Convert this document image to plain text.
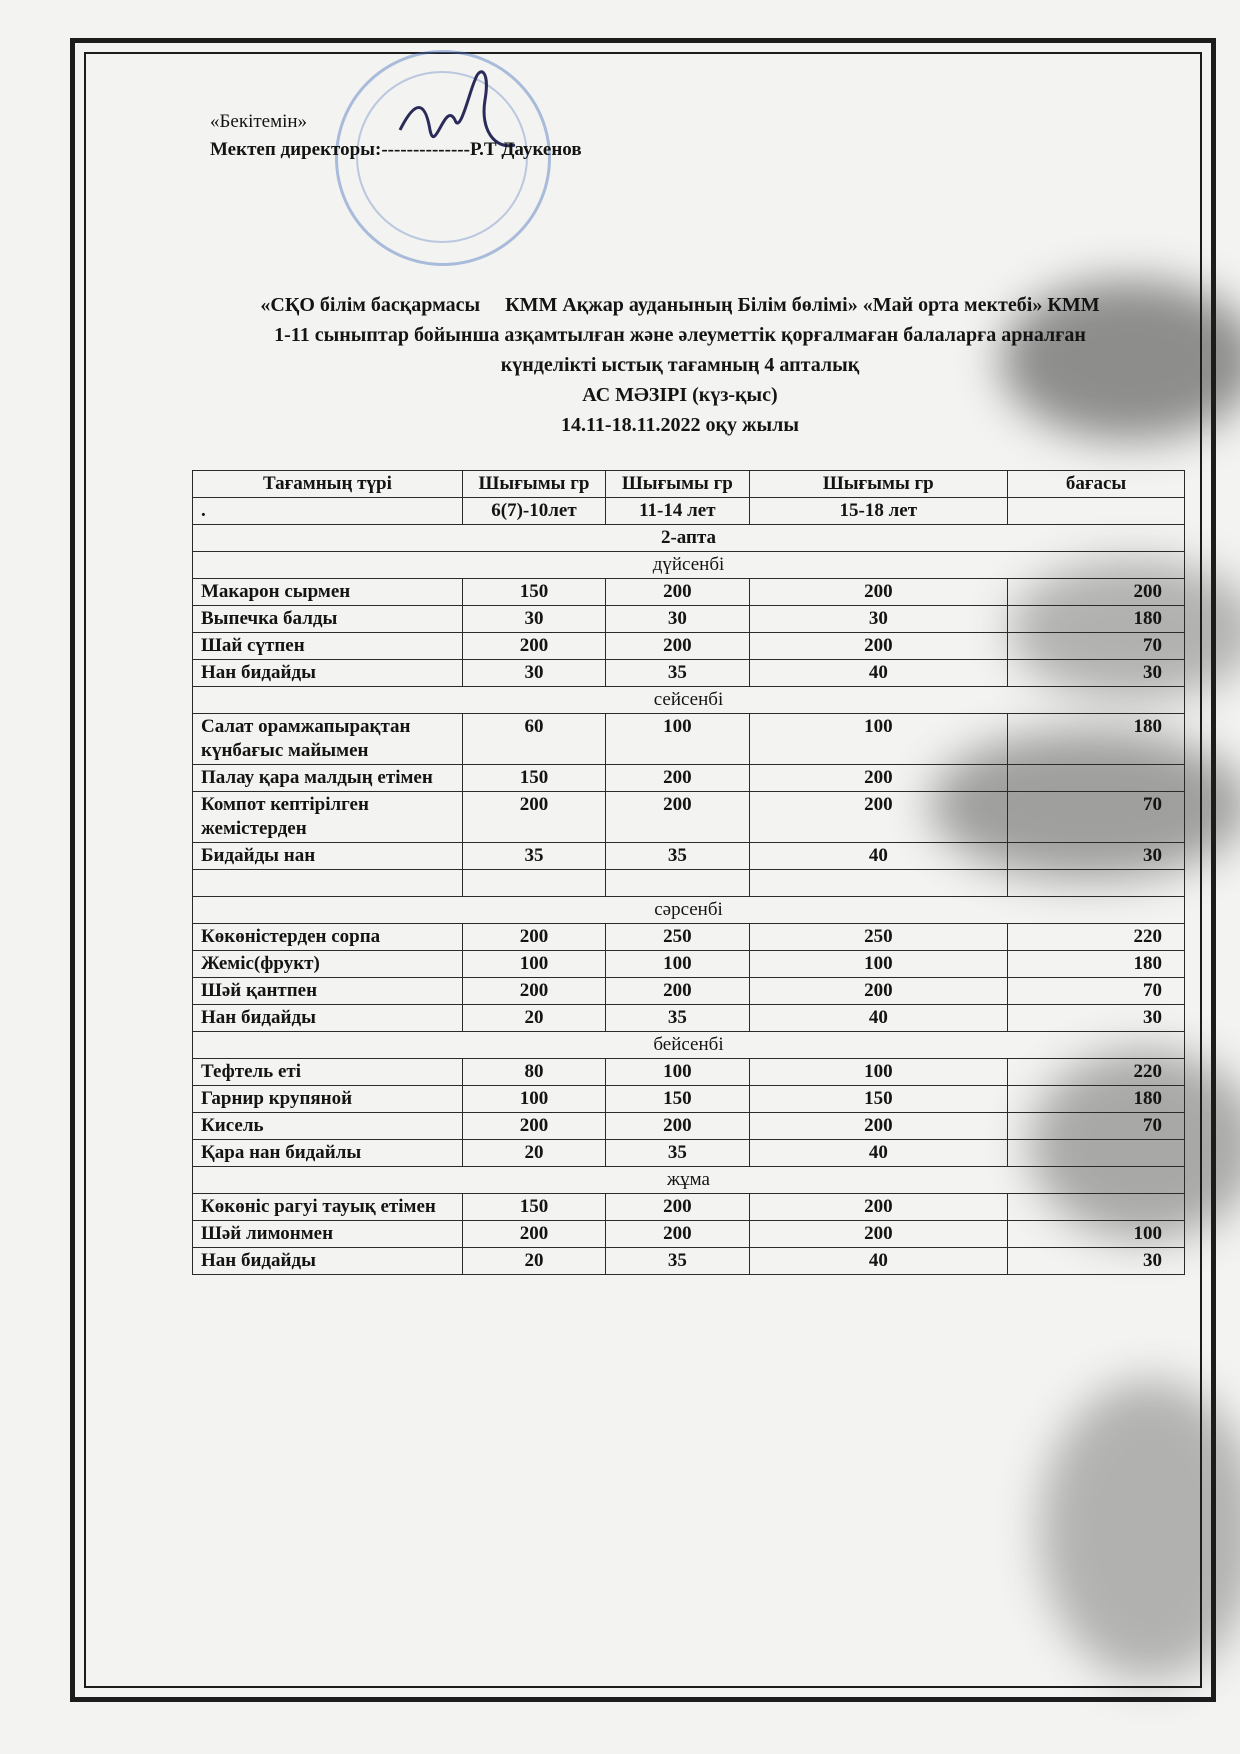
«Бекітемін»
Мектеп директоры:--------------Р.Т Даукенов
«СҚО білім басқармасы     КММ Ақжар ауданының Білім бөлімі» «Май орта мектебі» КММ
1-11 сыныптар бойынша азқамтылған және әлеуметтік қорғалмаған балаларға арналған
күнделікті ыстық тағамның 4 апталық
АС МӘЗІРІ (күз-қыс)
14.11-18.11.2022 оқу жылы
Тағамның түрі	Шығымы гр	Шығымы гр	Шығымы гр	бағасы
.	6(7)-10лет	11-14 лет	15-18 лет	
2-апта				
дүйсенбі				
Макарон сырмен	150	200	200	200
Выпечка балды	30	30	30	180
Шай сүтпен	200	200	200	70
Нан бидайды	30	35	40	30
сейсенбі				
Салат орамжапырақтан күнбағыс майымен	60	100	100	180
Палау қара малдың етімен	150	200	200	
Компот кептірілген жемістерден	200	200	200	70
Бидайды нан	35	35	40	30

сәрсенбі				
Көкөністерден сорпа	200	250	250	220
Жеміс(фрукт)	100	100	100	180
Шәй қантпен	200	200	200	70
Нан бидайды	20	35	40	30
бейсенбі				
Тефтель еті	80	100	100	220
Гарнир крупяной	100	150	150	180
Кисель	200	200	200	70
Қара нан бидайлы	20	35	40	
жұма				
Көкөніс рагуі тауық етімен	150	200	200	
Шәй лимонмен	200	200	200	100
Нан бидайды	20	35	40	30
